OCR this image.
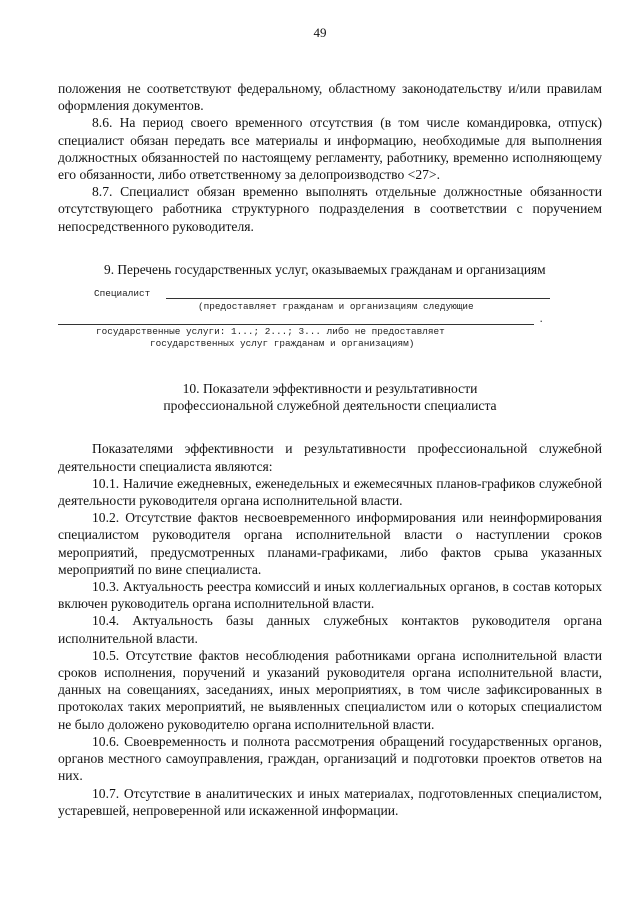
49

положения не соответствуют федеральному, областному законодательству и/или правилам оформления документов.

8.6. На период своего временного отсутствия (в том числе командировка, отпуск) специалист обязан передать все материалы и информацию, необходимые для выполнения должностных обязанностей по настоящему регламенту, работнику, временно исполняющему его обязанности, либо ответственному за делопроизводство <27>.

8.7. Специалист обязан временно выполнять отдельные должностные обязанности отсутствующего работника структурного подразделения в соответствии с поручением непосредственного руководителя.

9. Перечень государственных услуг, оказываемых гражданам и организациям

Специалист
(предоставляет гражданам и организациям следующие
.
государственные услуги: 1...; 2...; 3... либо не предоставляет
государственных услуг гражданам и организациям)

10. Показатели эффективности и результативности

профессиональной служебной деятельности специалиста

Показателями эффективности и результативности профессиональной служебной деятельности специалиста являются:

10.1. Наличие ежедневных, еженедельных и ежемесячных планов-графиков служебной деятельности руководителя органа исполнительной власти.

10.2. Отсутствие фактов несвоевременного информирования или неинформирования специалистом руководителя органа исполнительной власти о наступлении сроков мероприятий, предусмотренных планами-графиками, либо фактов срыва указанных мероприятий по вине специалиста.

10.3. Актуальность реестра комиссий и иных коллегиальных органов, в состав которых включен руководитель органа исполнительной власти.

10.4. Актуальность базы данных служебных контактов руководителя органа исполнительной власти.

10.5. Отсутствие фактов несоблюдения работниками органа исполнительной власти сроков исполнения, поручений и указаний руководителя органа исполнительной власти, данных на совещаниях, заседаниях, иных мероприятиях, в том числе зафиксированных в протоколах таких мероприятий, не выявленных специалистом или о которых специалистом не было доложено руководителю органа исполнительной власти.

10.6. Своевременность и полнота рассмотрения обращений государственных органов, органов местного самоуправления, граждан, организаций и подготовки проектов ответов на них.

10.7. Отсутствие в аналитических и иных материалах, подготовленных специалистом, устаревшей, непроверенной или искаженной информации.
